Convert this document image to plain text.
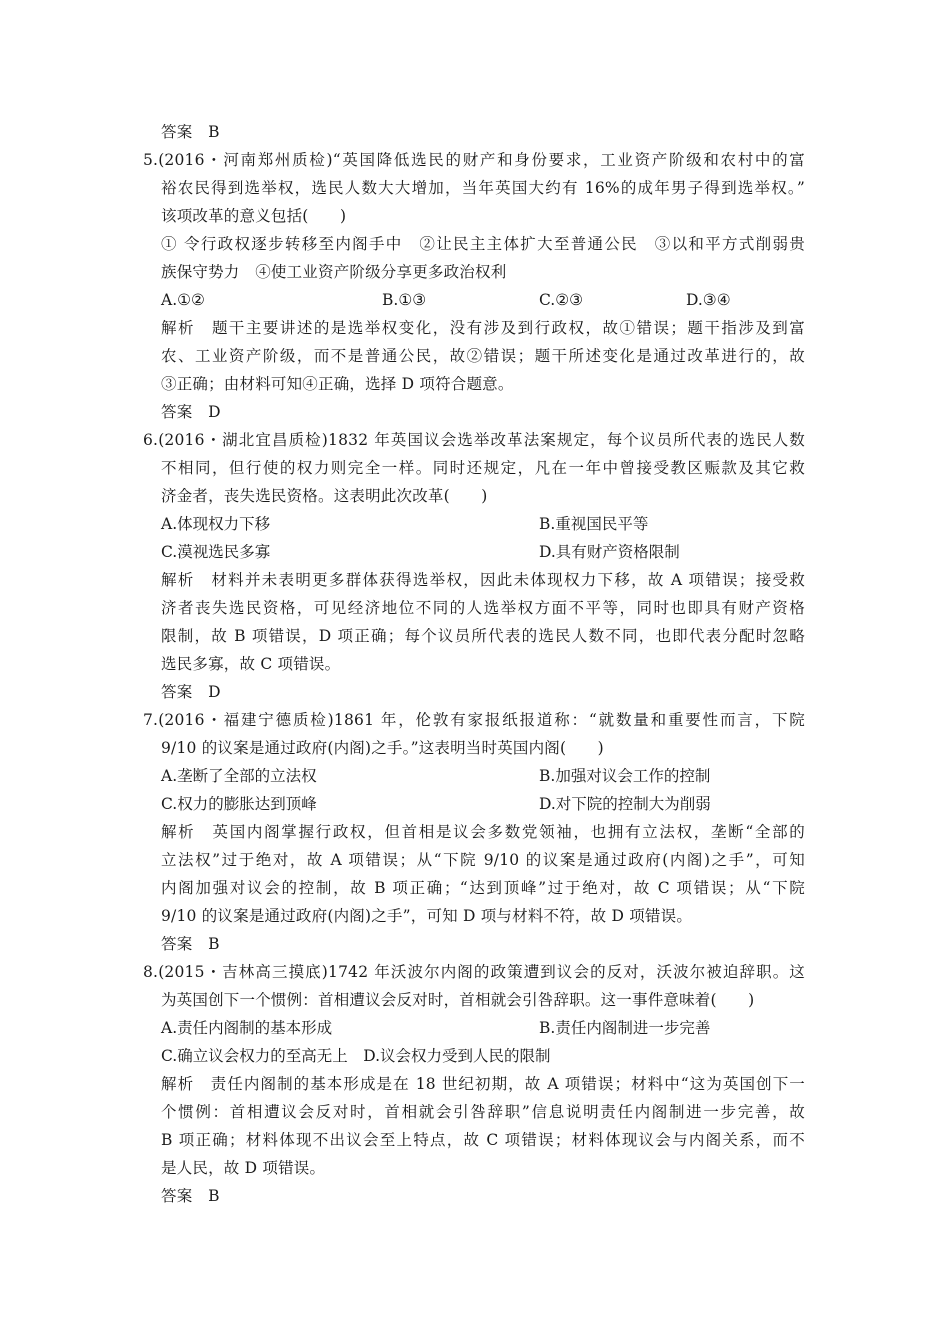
答案　B
5.(2016・河南郑州质检)“英国降低选民的财产和身份要求，工业资产阶级和农村中的富
裕农民得到选举权，选民人数大大增加，当年英国大约有 16%的成年男子得到选举权。”
该项改革的意义包括(　　)
① 令行政权逐步转移至内阁手中　②让民主主体扩大至普通公民　③以和平方式削弱贵
族保守势力　④使工业资产阶级分享更多政治权利
A.①②	B.①③	C.②③	D.③④
解析　题干主要讲述的是选举权变化，没有涉及到行政权，故①错误；题干指涉及到富
农、工业资产阶级，而不是普通公民，故②错误；题干所述变化是通过改革进行的，故
③正确；由材料可知④正确，选择 D 项符合题意。
答案　D
6.(2016・湖北宜昌质检)1832 年英国议会选举改革法案规定，每个议员所代表的选民人数
不相同，但行使的权力则完全一样。同时还规定，凡在一年中曾接受教区赈款及其它救
济金者，丧失选民资格。这表明此次改革(　　)
A.体现权力下移	B.重视国民平等
C.漠视选民多寡	D.具有财产资格限制
解析　材料并未表明更多群体获得选举权，因此未体现权力下移，故 A 项错误；接受救
济者丧失选民资格，可见经济地位不同的人选举权方面不平等，同时也即具有财产资格
限制，故 B 项错误，D 项正确；每个议员所代表的选民人数不同，也即代表分配时忽略
选民多寡，故 C 项错误。
答案　D
7.(2016・福建宁德质检)1861 年，伦敦有家报纸报道称：“就数量和重要性而言，下院
9/10 的议案是通过政府(内阁)之手。”这表明当时英国内阁(　　)
A.垄断了全部的立法权	B.加强对议会工作的控制
C.权力的膨胀达到顶峰	D.对下院的控制大为削弱
解析　英国内阁掌握行政权，但首相是议会多数党领袖，也拥有立法权，垄断“全部的
立法权”过于绝对，故 A 项错误；从“下院 9/10 的议案是通过政府(内阁)之手”，可知
内阁加强对议会的控制，故 B 项正确；“达到顶峰”过于绝对，故 C 项错误；从“下院
9/10 的议案是通过政府(内阁)之手”，可知 D 项与材料不符，故 D 项错误。
答案　B
8.(2015・吉林高三摸底)1742 年沃波尔内阁的政策遭到议会的反对，沃波尔被迫辞职。这
为英国创下一个惯例：首相遭议会反对时，首相就会引咎辞职。这一事件意味着(　　)
A.责任内阁制的基本形成	B.责任内阁制进一步完善
C.确立议会权力的至高无上　D.议会权力受到人民的限制
解析　责任内阁制的基本形成是在 18 世纪初期，故 A 项错误；材料中“这为英国创下一
个惯例：首相遭议会反对时，首相就会引咎辞职”信息说明责任内阁制进一步完善，故
B 项正确；材料体现不出议会至上特点，故 C 项错误；材料体现议会与内阁关系，而不
是人民，故 D 项错误。
答案　B
